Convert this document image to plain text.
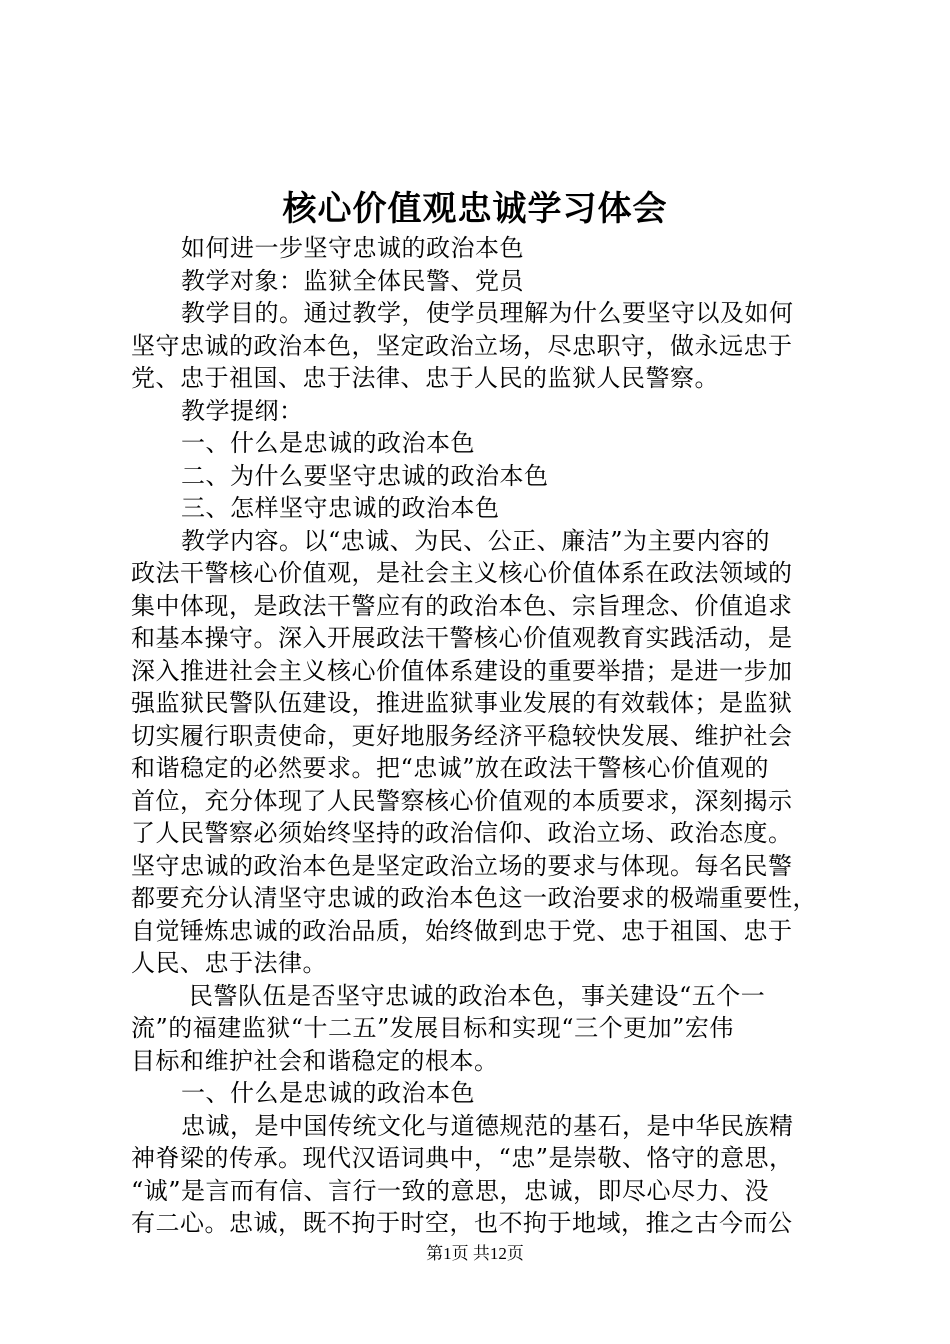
核心价值观忠诚学习体会
如何进一步坚守忠诚的政治本色
教学对象：监狱全体民警、党员
教学目的。通过教学，使学员理解为什么要坚守以及如何
坚守忠诚的政治本色，坚定政治立场，尽忠职守，做永远忠于
党、忠于祖国、忠于法律、忠于人民的监狱人民警察。
教学提纲：
一、什么是忠诚的政治本色
二、为什么要坚守忠诚的政治本色
三、怎样坚守忠诚的政治本色
教学内容。以“忠诚、为民、公正、廉洁”为主要内容的
政法干警核心价值观，是社会主义核心价值体系在政法领域的
集中体现，是政法干警应有的政治本色、宗旨理念、价值追求
和基本操守。深入开展政法干警核心价值观教育实践活动，是
深入推进社会主义核心价值体系建设的重要举措；是进一步加
强监狱民警队伍建设，推进监狱事业发展的有效载体；是监狱
切实履行职责使命，更好地服务经济平稳较快发展、维护社会
和谐稳定的必然要求。把“忠诚”放在政法干警核心价值观的
首位，充分体现了人民警察核心价值观的本质要求，深刻揭示
了人民警察必须始终坚持的政治信仰、政治立场、政治态度。
坚守忠诚的政治本色是坚定政治立场的要求与体现。每名民警
都要充分认清坚守忠诚的政治本色这一政治要求的极端重要性，
自觉锤炼忠诚的政治品质，始终做到忠于党、忠于祖国、忠于
人民、忠于法律。
民警队伍是否坚守忠诚的政治本色，事关建设“五个一
流”的福建监狱“十二五”发展目标和实现“三个更加”宏伟
目标和维护社会和谐稳定的根本。
一、什么是忠诚的政治本色
忠诚，是中国传统文化与道德规范的基石，是中华民族精
神脊梁的传承。现代汉语词典中，“忠”是崇敬、恪守的意思，
“诚”是言而有信、言行一致的意思，忠诚，即尽心尽力、没
有二心。忠诚，既不拘于时空，也不拘于地域，推之古今而公
第1页 共12页
